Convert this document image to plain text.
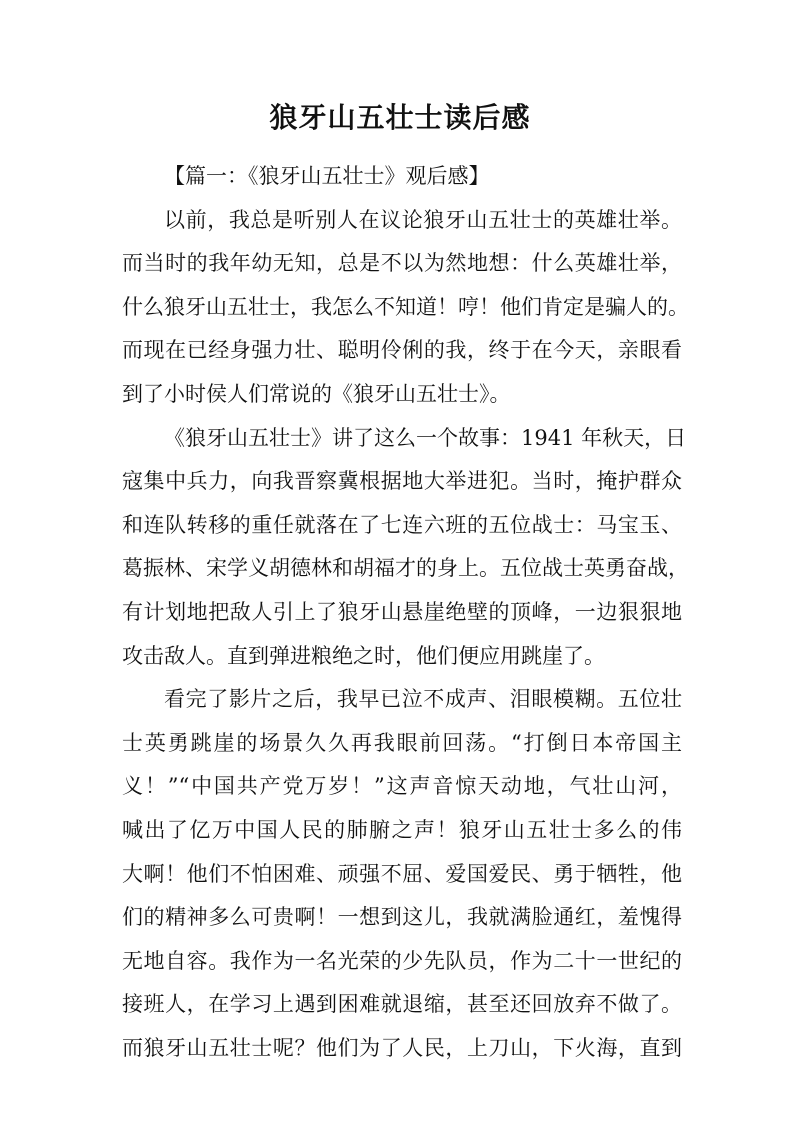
狼牙山五壮士读后感

【篇一：《狼牙山五壮士》观后感】

以前，我总是听别人在议论狼牙山五壮士的英雄壮举。

而当时的我年幼无知，总是不以为然地想：什么英雄壮举，

什么狼牙山五壮士，我怎么不知道！哼！他们肯定是骗人的。

而现在已经身强力壮、聪明伶俐的我，终于在今天，亲眼看

到了小时侯人们常说的《狼牙山五壮士》。

《狼牙山五壮士》讲了这么一个故事：1941 年秋天，日

寇集中兵力，向我晋察冀根据地大举进犯。当时，掩护群众

和连队转移的重任就落在了七连六班的五位战士：马宝玉、

葛振林、宋学义胡德林和胡福才的身上。五位战士英勇奋战，

有计划地把敌人引上了狼牙山悬崖绝壁的顶峰，一边狠狠地

攻击敌人。直到弹进粮绝之时，他们便应用跳崖了。

看完了影片之后，我早已泣不成声、泪眼模糊。五位壮

士英勇跳崖的场景久久再我眼前回荡。“打倒日本帝国主

义！”“中国共产党万岁！”这声音惊天动地，气壮山河，

喊出了亿万中国人民的肺腑之声！狼牙山五壮士多么的伟

大啊！他们不怕困难、顽强不屈、爱国爱民、勇于牺牲，他

们的精神多么可贵啊！一想到这儿，我就满脸通红，羞愧得

无地自容。我作为一名光荣的少先队员，作为二十一世纪的

接班人，在学习上遇到困难就退缩，甚至还回放弃不做了。

而狼牙山五壮士呢？他们为了人民，上刀山，下火海，直到
